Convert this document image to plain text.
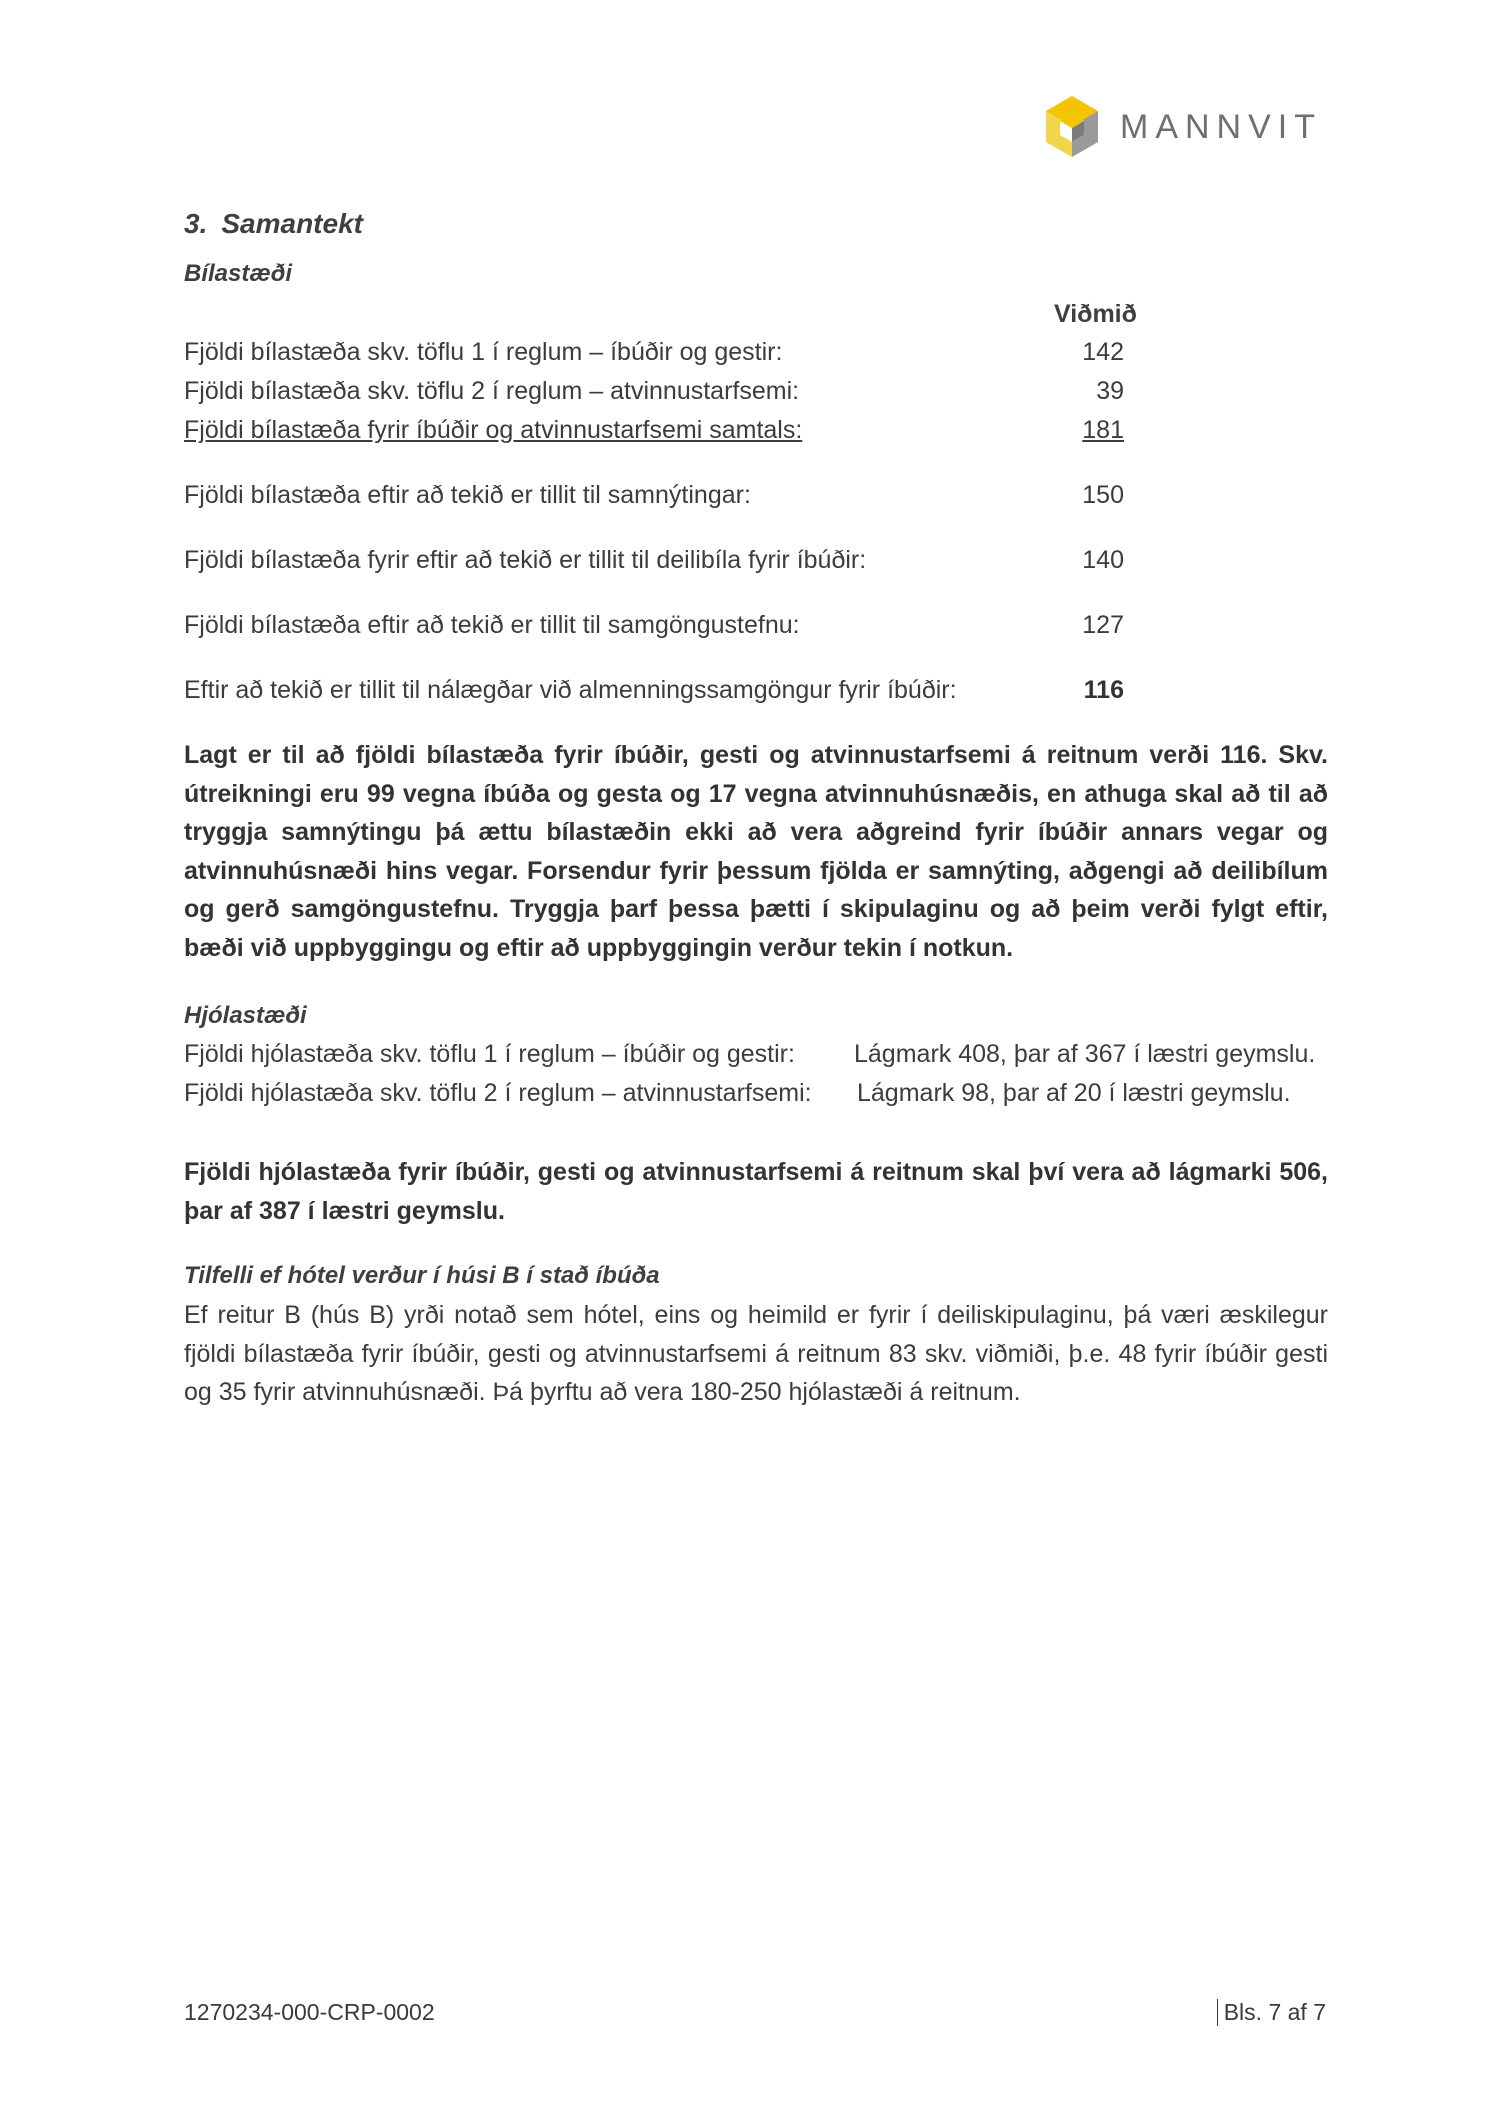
MANNVIT
3. Samantekt
Bílastæði
Viðmið
Fjöldi bílastæða skv. töflu 1 í reglum – íbúðir og gestir:	142
Fjöldi bílastæða skv. töflu 2 í reglum – atvinnustarfsemi:	39
Fjöldi bílastæða fyrir íbúðir og atvinnustarfsemi samtals:	181
Fjöldi bílastæða eftir að tekið er tillit til samnýtingar:	150
Fjöldi bílastæða fyrir eftir að tekið er tillit til deilibíla fyrir íbúðir:	140
Fjöldi bílastæða eftir að tekið er tillit til samgöngustefnu:	127
Eftir að tekið er tillit til nálægðar við almenningssamgöngur fyrir íbúðir:	116

Lagt er til að fjöldi bílastæða fyrir íbúðir, gesti og atvinnustarfsemi á reitnum verði 116. Skv. útreikningi eru 99 vegna íbúða og gesta og 17 vegna atvinnuhúsnæðis, en athuga skal að til að tryggja samnýtingu þá ættu bílastæðin ekki að vera aðgreind fyrir íbúðir annars vegar og atvinnuhúsnæði hins vegar. Forsendur fyrir þessum fjölda er samnýting, aðgengi að deilibílum og gerð samgöngustefnu. Tryggja þarf þessa þætti í skipulaginu og að þeim verði fylgt eftir, bæði við uppbyggingu og eftir að uppbyggingin verður tekin í notkun.

Hjólastæði
Fjöldi hjólastæða skv. töflu 1 í reglum – íbúðir og gestir: Lágmark 408, þar af 367 í læstri geymslu.
Fjöldi hjólastæða skv. töflu 2 í reglum – atvinnustarfsemi: Lágmark 98, þar af 20 í læstri geymslu.

Fjöldi hjólastæða fyrir íbúðir, gesti og atvinnustarfsemi á reitnum skal því vera að lágmarki 506, þar af 387 í læstri geymslu.

Tilfelli ef hótel verður í húsi B í stað íbúða

Ef reitur B (hús B) yrði notað sem hótel, eins og heimild er fyrir í deiliskipulaginu, þá væri æskilegur fjöldi bílastæða fyrir íbúðir, gesti og atvinnustarfsemi á reitnum 83 skv. viðmiði, þ.e. 48 fyrir íbúðir gesti og 35 fyrir atvinnuhúsnæði. Þá þyrftu að vera 180-250 hjólastæði á reitnum.

1270234-000-CRP-0002	Bls. 7 af 7
